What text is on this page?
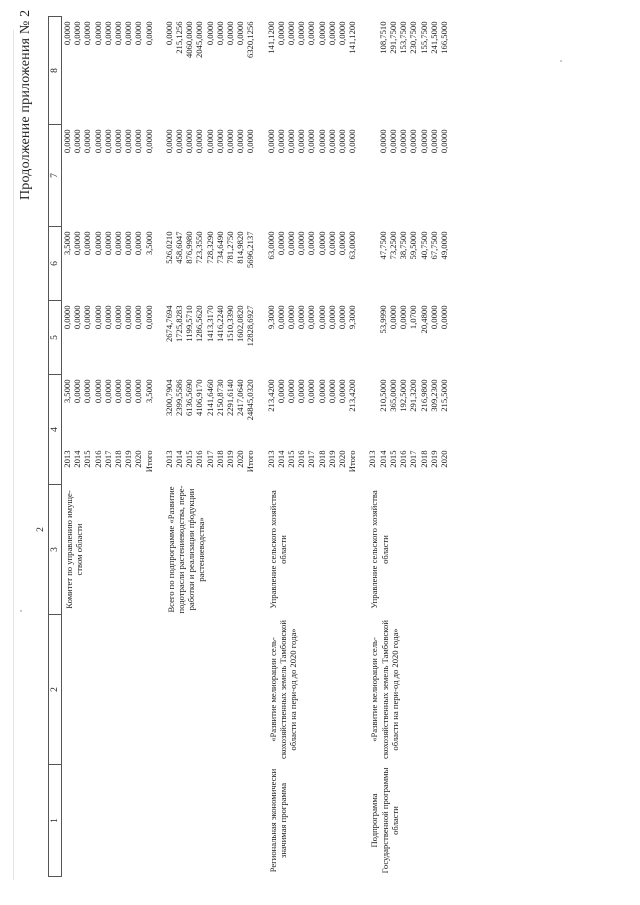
Продолжение приложения № 2
		2						
1	2	3	4		5	6	7	8
		Комитет по управлению имуще-ством области	2013	3,5000	0,0000	3,5000	0,0000	0,0000
			2014	0,0000	0,0000	0,0000	0,0000	0,0000
			2015	0,0000	0,0000	0,0000	0,0000	0,0000
			2016	0,0000	0,0000	0,0000	0,0000	0,0000
			2017	0,0000	0,0000	0,0000	0,0000	0,0000
			2018	0,0000	0,0000	0,0000	0,0000	0,0000
			2019	0,0000	0,0000	0,0000	0,0000	0,0000
			2020	0,0000	0,0000	0,0000	0,0000	0,0000
			Итого	3,5000	0,0000	3,5000	0,0000	0,0000

		Всего по подпрограмме «Развитие подотрасли растениеводства, пере-работки и реализации продукции растениеводства»	2013	3200,7904	2674,7694	526,0210	0,0000	0,0000
			2014	2399,5586	1725,8283	458,6047	0,0000	215,1256
			2015	6136,5690	1199,5710	876,9980	0,0000	4060,0000
			2016	4106,9170	1286,5620	723,3550	0,0000	2045,0000
			2017	2141,6460	1413,3170	728,3290	0,0000	0,0000
			2018	2150,8730	1416,2240	734,6490	0,0000	0,0000
			2019	2291,6140	1510,3390	781,2750	0,0000	0,0000
			2020	2417,0640	1602,0820	814,9820	0,0000	0,0000
			Итого	24845,0320	12828,6927	5696,2137	0,0000	6320,1256

Региональная экономически значимая программа	«Развитие мелиорации сель-скохозяйственных земель Тамбовской области на пери-од до 2020 года»	Управление сельского хозяйства области	2013	213,4200	9,3000	63,0000	0,0000	141,1200
			2014	0,0000	0,0000	0,0000	0,0000	0,0000
			2015	0,0000	0,0000	0,0000	0,0000	0,0000
			2016	0,0000	0,0000	0,0000	0,0000	0,0000
			2017	0,0000	0,0000	0,0000	0,0000	0,0000
			2018	0,0000	0,0000	0,0000	0,0000	0,0000
			2019	0,0000	0,0000	0,0000	0,0000	0,0000
			2020	0,0000	0,0000	0,0000	0,0000	0,0000
			Итого	213,4200	9,3000	63,0000	0,0000	141,1200

Подпрограмма Государственной программы области	«Развитие мелиорации сель-скохозяйственных земель Тамбовской области на пери-од до 2020 года»	Управление сельского хозяйства области	2013					
			2014	210,5000	53,9990	47,7500	0,0000	108,7510
			2015	365,0000	0,0000	73,2500	0,0000	291,7500
			2016	192,5000	0,0000	38,7500	0,0000	153,7500
			2017	291,3200	1,0700	59,5000	0,0000	230,7500
			2018	216,9800	20,4800	40,7500	0,0000	155,7500
			2019	309,2300	0,0000	67,7500	0,0000	241,5000
			2020	215,5000	0,0000	49,0000	0,0000	166,5000
